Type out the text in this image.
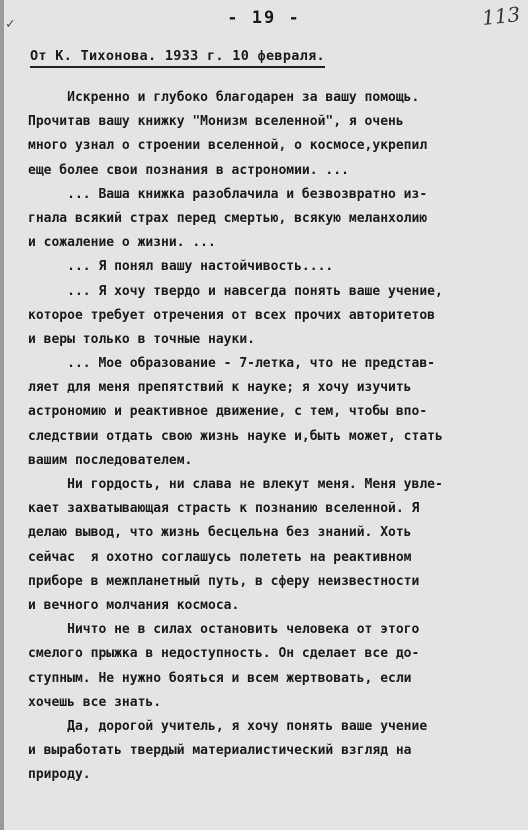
✓	- 19 -	113
От К. Тихонова. 1933 г. 10 февраля.
Искренно и глубоко благодарен за вашу помощь.
Прочитав вашу книжку "Монизм вселенной", я очень
много узнал о строении вселенной, о космосе,укрепил
еще более свои познания в астрономии. ...
... Ваша книжка разоблачила и безвозвратно из-
гнала всякий страх перед смертью, всякую меланхолию
и сожаление о жизни. ...
... Я понял вашу настойчивость....
... Я хочу твердо и навсегда понять ваше учение,
которое требует отречения от всех прочих авторитетов
и веры только в точные науки.
... Мое образование - 7-летка, что не представ-
ляет для меня препятствий к науке; я хочу изучить
астрономию и реактивное движение, с тем, чтобы впо-
следствии отдать свою жизнь науке и,быть может, стать
вашим последователем.
Ни гордость, ни слава не влекут меня. Меня увле-
кает захватывающая страсть к познанию вселенной. Я
делаю вывод, что жизнь бесцельна без знаний. Хоть
сейчас  я охотно соглашусь полететь на реактивном
приборе в межпланетный путь, в сферу неизвестности
и вечного молчания космоса.
Ничто не в силах остановить человека от этого
смелого прыжка в недоступность. Он сделает все до-
ступным. Не нужно бояться и всем жертвовать, если
хочешь все знать.
Да, дорогой учитель, я хочу понять ваше учение
и выработать твердый материалистический взгляд на
природу.
